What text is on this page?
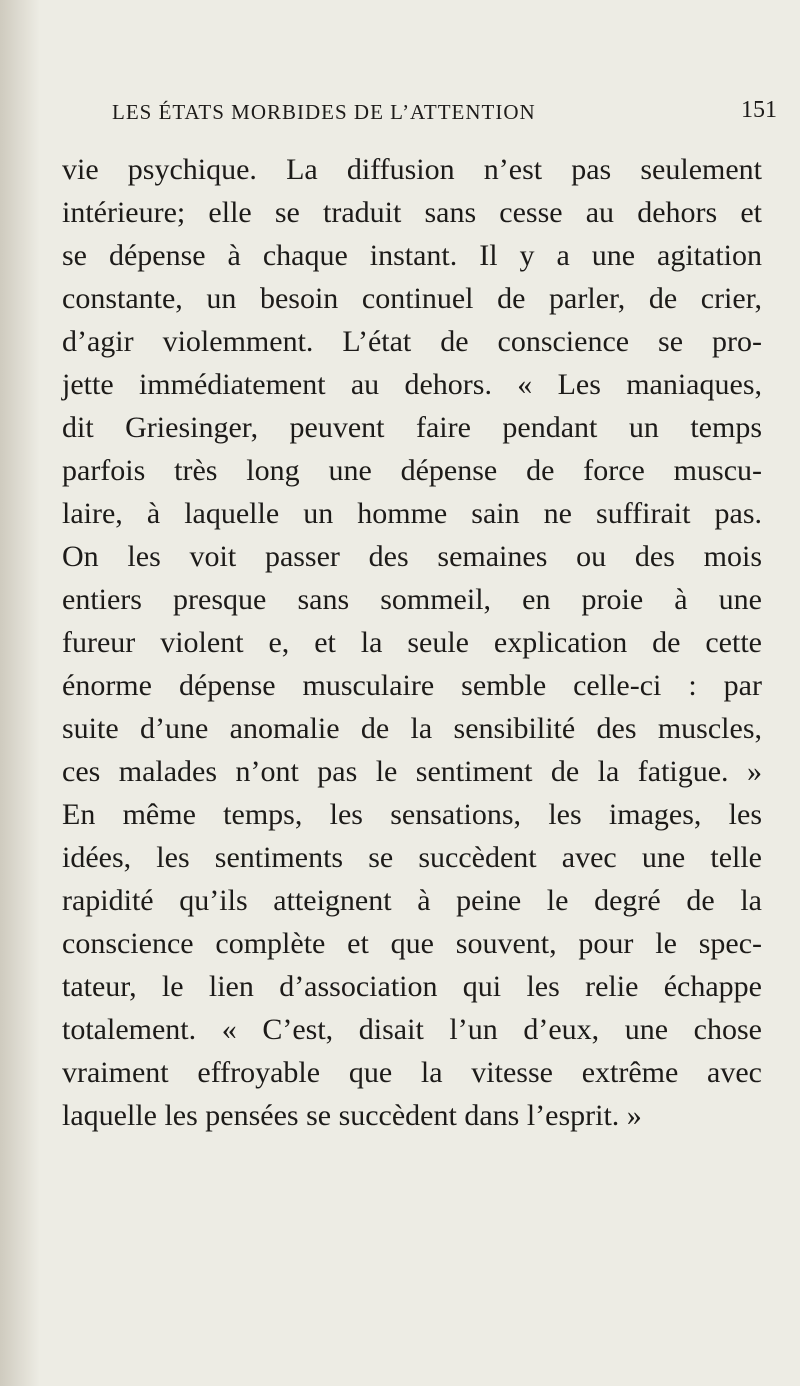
LES ÉTATS MORBIDES DE L’ATTENTION	151
vie psychique. La diffusion n’est pas seulement
intérieure; elle se traduit sans cesse au dehors et
se dépense à chaque instant. Il y a une agitation
constante, un besoin continuel de parler, de crier,
d’agir violemment. L’état de conscience se pro-
jette immédiatement au dehors. « Les maniaques,
dit Griesinger, peuvent faire pendant un temps
parfois très long une dépense de force muscu-
laire, à laquelle un homme sain ne suffirait pas.
On les voit passer des semaines ou des mois
entiers presque sans sommeil, en proie à une
fureur violent e, et la seule explication de cette
énorme dépense musculaire semble celle-ci : par
suite d’une anomalie de la sensibilité des muscles,
ces malades n’ont pas le sentiment de la fatigue. »
En même temps, les sensations, les images, les
idées, les sentiments se succèdent avec une telle
rapidité qu’ils atteignent à peine le degré de la
conscience complète et que souvent, pour le spec-
tateur, le lien d’association qui les relie échappe
totalement. « C’est, disait l’un d’eux, une chose
vraiment effroyable que la vitesse extrême avec
laquelle les pensées se succèdent dans l’esprit. »
